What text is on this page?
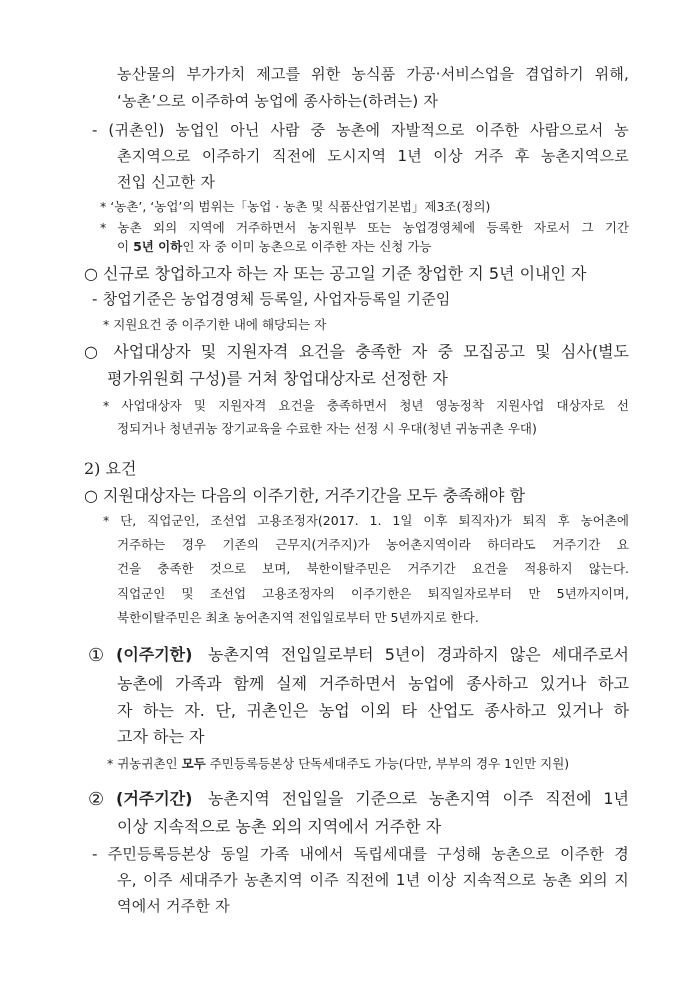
농산물의 부가가치 제고를 위한 농식품 가공·서비스업을 겸업하기 위해,
‘농촌’으로 이주하여 농업에 종사하는(하려는) 자
- (귀촌인) 농업인 아닌 사람 중 농촌에 자발적으로 이주한 사람으로서 농
촌지역으로 이주하기 직전에 도시지역 1년 이상 거주 후 농촌지역으로
전입 신고한 자
* ‘농촌’, ‘농업’의 범위는「농업 · 농촌 및 식품산업기본법」제3조(정의)
* 농촌 외의 지역에 거주하면서 농지원부 또는 농업경영체에 등록한 자로서 그 기간
이 5년 이하인 자 중 이미 농촌으로 이주한 자는 신청 가능
○ 신규로 창업하고자 하는 자 또는 공고일 기준 창업한 지 5년 이내인 자
- 창업기준은 농업경영체 등록일, 사업자등록일 기준임
* 지원요건 중 이주기한 내에 해당되는 자
○ 사업대상자 및 지원자격 요건을 충족한 자 중 모집공고 및 심사(별도
평가위원회 구성)를 거쳐 창업대상자로 선정한 자
* 사업대상자 및 지원자격 요건을 충족하면서 청년 영농정착 지원사업 대상자로 선
정되거나 청년귀농 장기교육을 수료한 자는 선정 시 우대(청년 귀농귀촌 우대)
2) 요건
○ 지원대상자는 다음의 이주기한, 거주기간을 모두 충족해야 함
* 단, 직업군인, 조선업 고용조정자(2017. 1. 1일 이후 퇴직자)가 퇴직 후 농어촌에
거주하는 경우 기존의 근무지(거주지)가 농어촌지역이라 하더라도 거주기간 요
건을 충족한 것으로 보며, 북한이탈주민은 거주기간 요건을 적용하지 않는다.
직업군인 및 조선업 고용조정자의 이주기한은 퇴직일자로부터 만 5년까지이며,
북한이탈주민은 최초 농어촌지역 전입일로부터 만 5년까지로 한다.
① (이주기한) 농촌지역 전입일로부터 5년이 경과하지 않은 세대주로서
농촌에 가족과 함께 실제 거주하면서 농업에 종사하고 있거나 하고
자 하는 자. 단, 귀촌인은 농업 이외 타 산업도 종사하고 있거나 하
고자 하는 자
* 귀농귀촌인 모두 주민등록등본상 단독세대주도 가능(다만, 부부의 경우 1인만 지원)
② (거주기간) 농촌지역 전입일을 기준으로 농촌지역 이주 직전에 1년
이상 지속적으로 농촌 외의 지역에서 거주한 자
- 주민등록등본상 동일 가족 내에서 독립세대를 구성해 농촌으로 이주한 경
우, 이주 세대주가 농촌지역 이주 직전에 1년 이상 지속적으로 농촌 외의 지
역에서 거주한 자
